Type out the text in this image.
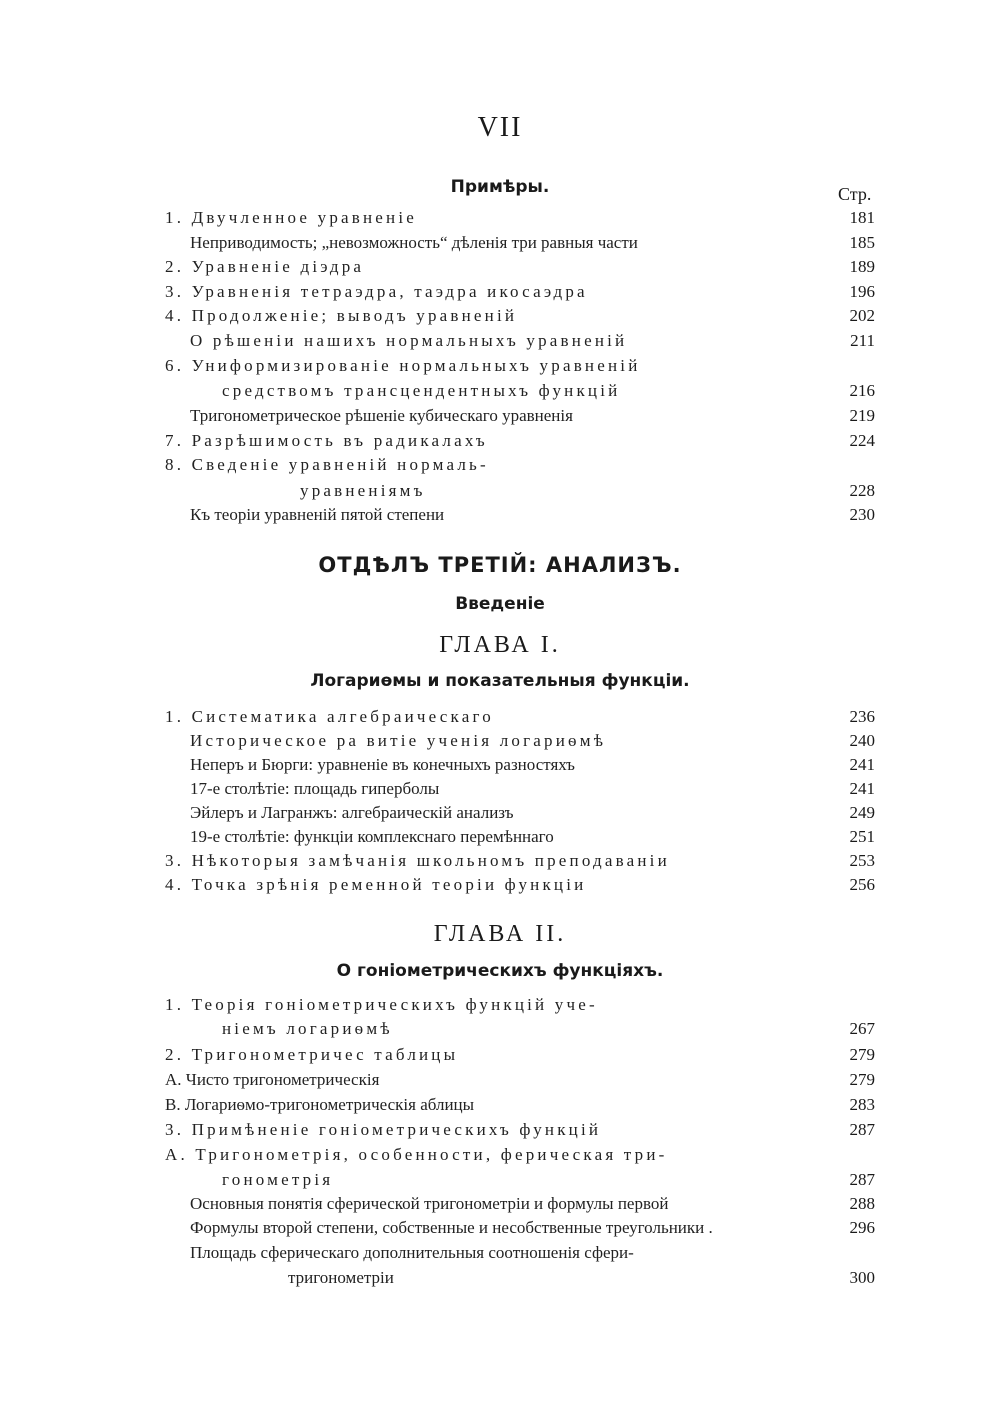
VII
Примѣры.	Стр.
1. Двучленное уравненіе	181
Неприводимость; „невозможность“ дѣленія три равныя части	185
2. Уравненіе діэдра	189
3. Уравненія тетраэдра, таэдра икосаэдра	196
4. Продолженіе; выводъ уравненій	202
О рѣшеніи нашихъ нормальныхъ уравненій	211
6. Униформизированіе нормальныхъ уравненій
средствомъ трансцендентныхъ функцій	216
Тригонометрическое рѣшеніе кубическаго уравненія	219
7. Разрѣшимость въ радикалахъ	224
8. Сведеніе уравненій нормаль-
уравненіямъ	228
Къ теоріи уравненій пятой степени	230
ОТДѢЛЪ ТРЕТІЙ: АНАЛИЗЪ.
Введеніе
ГЛАВА I.
Логариѳмы и показательныя функціи.
1. Систематика алгебраическаго	236
Историческое ра витіе ученія логариѳмѣ	240
Неперъ и Бюрги: уравненіе въ конечныхъ разностяхъ	241
17-е столѣтіе: площадь гиперболы	241
Эйлеръ и Лагранжъ: алгебраическій анализъ	249
19-е столѣтіе: функціи комплекснаго перемѣннаго	251
3. Нѣкоторыя замѣчанія школьномъ преподаваніи	253
4. Точка зрѣнія ременной теоріи функціи	256
ГЛАВА II.
О гоніометрическихъ функціяхъ.
1. Теорія гоніометрическихъ функцій уче-
ніемъ логариѳмѣ	267
2. Тригонометричес таблицы	279
А. Чисто тригонометрическія	279
В. Логариѳмо-тригонометрическія аблицы	283
3. Примѣненіе гоніометрическихъ функцій	287
А. Тригонометрія, особенности, ферическая три-
гонометрія	287
Основныя понятія сферической тригонометріи и формулы первой	288
Формулы второй степени, собственные и несобственные треугольники .	296
Площадь сферическаго дополнительныя соотношенія сфери-
тригонометріи	300
